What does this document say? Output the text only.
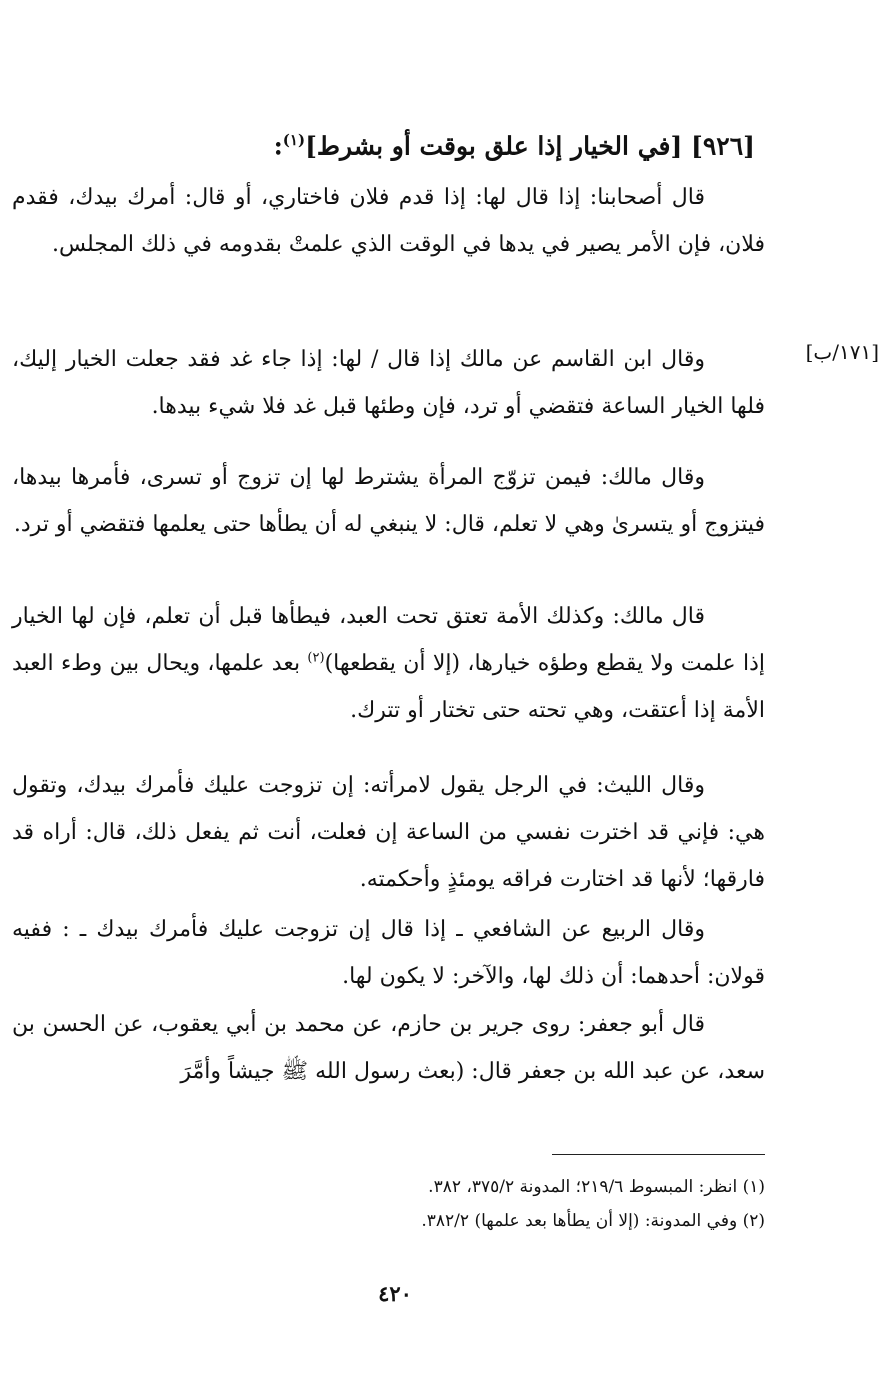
[٩٢٦] [في الخيار إذا علق بوقت أو بشرط]$^{(١)}$:
[١٧١/ب]

قال أصحابنا: إذا قال لها: إذا قدم فلان فاختاري، أو قال: أمرك بيدك، فقدم فلان، فإن الأمر يصير في يدها في الوقت الذي علمتْ بقدومه في ذلك المجلس.

وقال ابن القاسم عن مالك إذا قال / لها: إذا جاء غد فقد جعلت الخيار إليك، فلها الخيار الساعة فتقضي أو ترد، فإن وطئها قبل غد فلا شيء بيدها.

وقال مالك: فيمن تزوّج المرأة يشترط لها إن تزوج أو تسرى، فأمرها بيدها، فيتزوج أو يتسرىٰ وهي لا تعلم، قال: لا ينبغي له أن يطأها حتى يعلمها فتقضي أو ترد.

قال مالك: وكذلك الأمة تعتق تحت العبد، فيطأها قبل أن تعلم، فإن لها الخيار إذا علمت ولا يقطع وطؤه خيارها، (إلا أن يقطعها)$^{(٢)}$ بعد علمها، ويحال بين وطء العبد الأمة إذا أعتقت، وهي تحته حتى تختار أو تترك.

وقال الليث: في الرجل يقول لامرأته: إن تزوجت عليك فأمرك بيدك، وتقول هي: فإني قد اخترت نفسي من الساعة إن فعلت، أنت ثم يفعل ذلك، قال: أراه قد فارقها؛ لأنها قد اختارت فراقه يومئذٍ وأحكمته.

وقال الربيع عن الشافعي ـ إذا قال إن تزوجت عليك فأمرك بيدك ـ : ففيه قولان: أحدهما: أن ذلك لها، والآخر: لا يكون لها.

قال أبو جعفر: روى جرير بن حازم، عن محمد بن أبي يعقوب، عن الحسن بن سعد، عن عبد الله بن جعفر قال: (بعث رسول الله ﷺ جيشاً وأمَّرَ

(١) انظر: المبسوط ٢١٩/٦؛ المدونة ٣٧٥/٢، ٣٨٢.
(٢) وفي المدونة: (إلا أن يطأها بعد علمها) ٣٨٢/٢.
٤٢٠
